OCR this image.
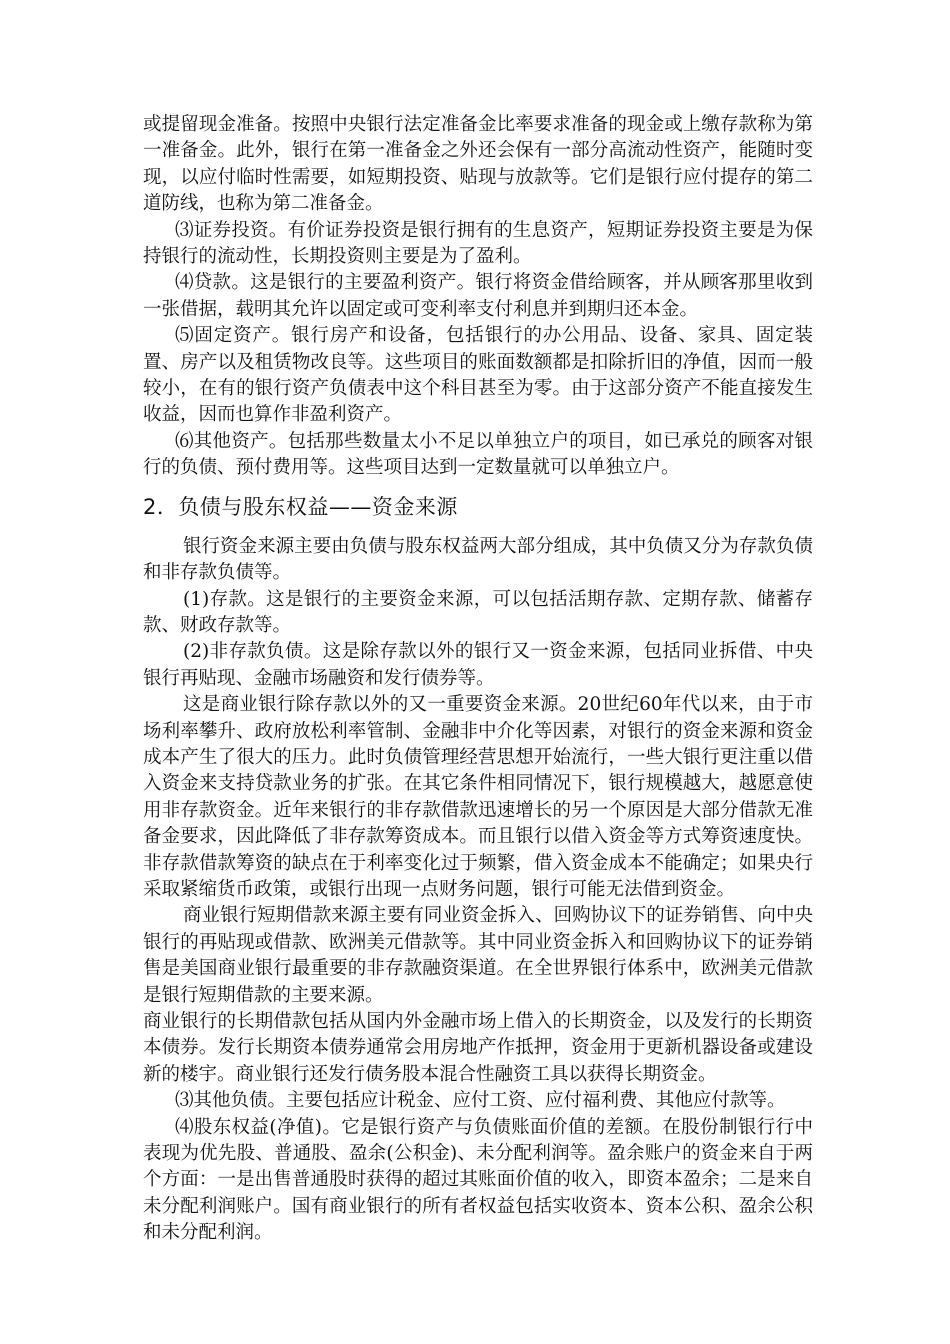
或提留现金准备。按照中央银行法定准备金比率要求准备的现金或上缴存款称为第一准备金。此外，银行在第一准备金之外还会保有一部分高流动性资产，能随时变现，以应付临时性需要，如短期投资、贴现与放款等。它们是银行应付提存的第二道防线，也称为第二准备金。

⑶证券投资。有价证券投资是银行拥有的生息资产，短期证券投资主要是为保持银行的流动性，长期投资则主要是为了盈利。

⑷贷款。这是银行的主要盈利资产。银行将资金借给顾客，并从顾客那里收到一张借据，载明其允许以固定或可变利率支付利息并到期归还本金。

⑸固定资产。银行房产和设备，包括银行的办公用品、设备、家具、固定装置、房产以及租赁物改良等。这些项目的账面数额都是扣除折旧的净值，因而一般较小，在有的银行资产负债表中这个科目甚至为零。由于这部分资产不能直接发生收益，因而也算作非盈利资产。

⑹其他资产。包括那些数量太小不足以单独立户的项目，如已承兑的顾客对银行的负债、预付费用等。这些项目达到一定数量就可以单独立户。

2．负债与股东权益——资金来源

银行资金来源主要由负债与股东权益两大部分组成，其中负债又分为存款负债和非存款负债等。

(1)存款。这是银行的主要资金来源，可以包括活期存款、定期存款、储蓄存款、财政存款等。

(2)非存款负债。这是除存款以外的银行又一资金来源，包括同业拆借、中央银行再贴现、金融市场融资和发行债券等。

这是商业银行除存款以外的又一重要资金来源。20世纪60年代以来，由于市场利率攀升、政府放松利率管制、金融非中介化等因素，对银行的资金来源和资金成本产生了很大的压力。此时负债管理经营思想开始流行，一些大银行更注重以借入资金来支持贷款业务的扩张。在其它条件相同情况下，银行规模越大，越愿意使用非存款资金。近年来银行的非存款借款迅速增长的另一个原因是大部分借款无准备金要求，因此降低了非存款筹资成本。而且银行以借入资金等方式筹资速度快。非存款借款筹资的缺点在于利率变化过于频繁，借入资金成本不能确定；如果央行采取紧缩货币政策，或银行出现一点财务问题，银行可能无法借到资金。

商业银行短期借款来源主要有同业资金拆入、回购协议下的证券销售、向中央银行的再贴现或借款、欧洲美元借款等。其中同业资金拆入和回购协议下的证券销售是美国商业银行最重要的非存款融资渠道。在全世界银行体系中，欧洲美元借款是银行短期借款的主要来源。

商业银行的长期借款包括从国内外金融市场上借入的长期资金，以及发行的长期资本债券。发行长期资本债券通常会用房地产作抵押，资金用于更新机器设备或建设新的楼宇。商业银行还发行债务股本混合性融资工具以获得长期资金。

⑶其他负债。主要包括应计税金、应付工资、应付福利费、其他应付款等。

⑷股东权益(净值)。它是银行资产与负债账面价值的差额。在股份制银行行中表现为优先股、普通股、盈余(公积金)、未分配利润等。盈余账户的资金来自于两个方面：一是出售普通股时获得的超过其账面价值的收入，即资本盈余；二是来自未分配利润账户。国有商业银行的所有者权益包括实收资本、资本公积、盈余公积和未分配利润。
